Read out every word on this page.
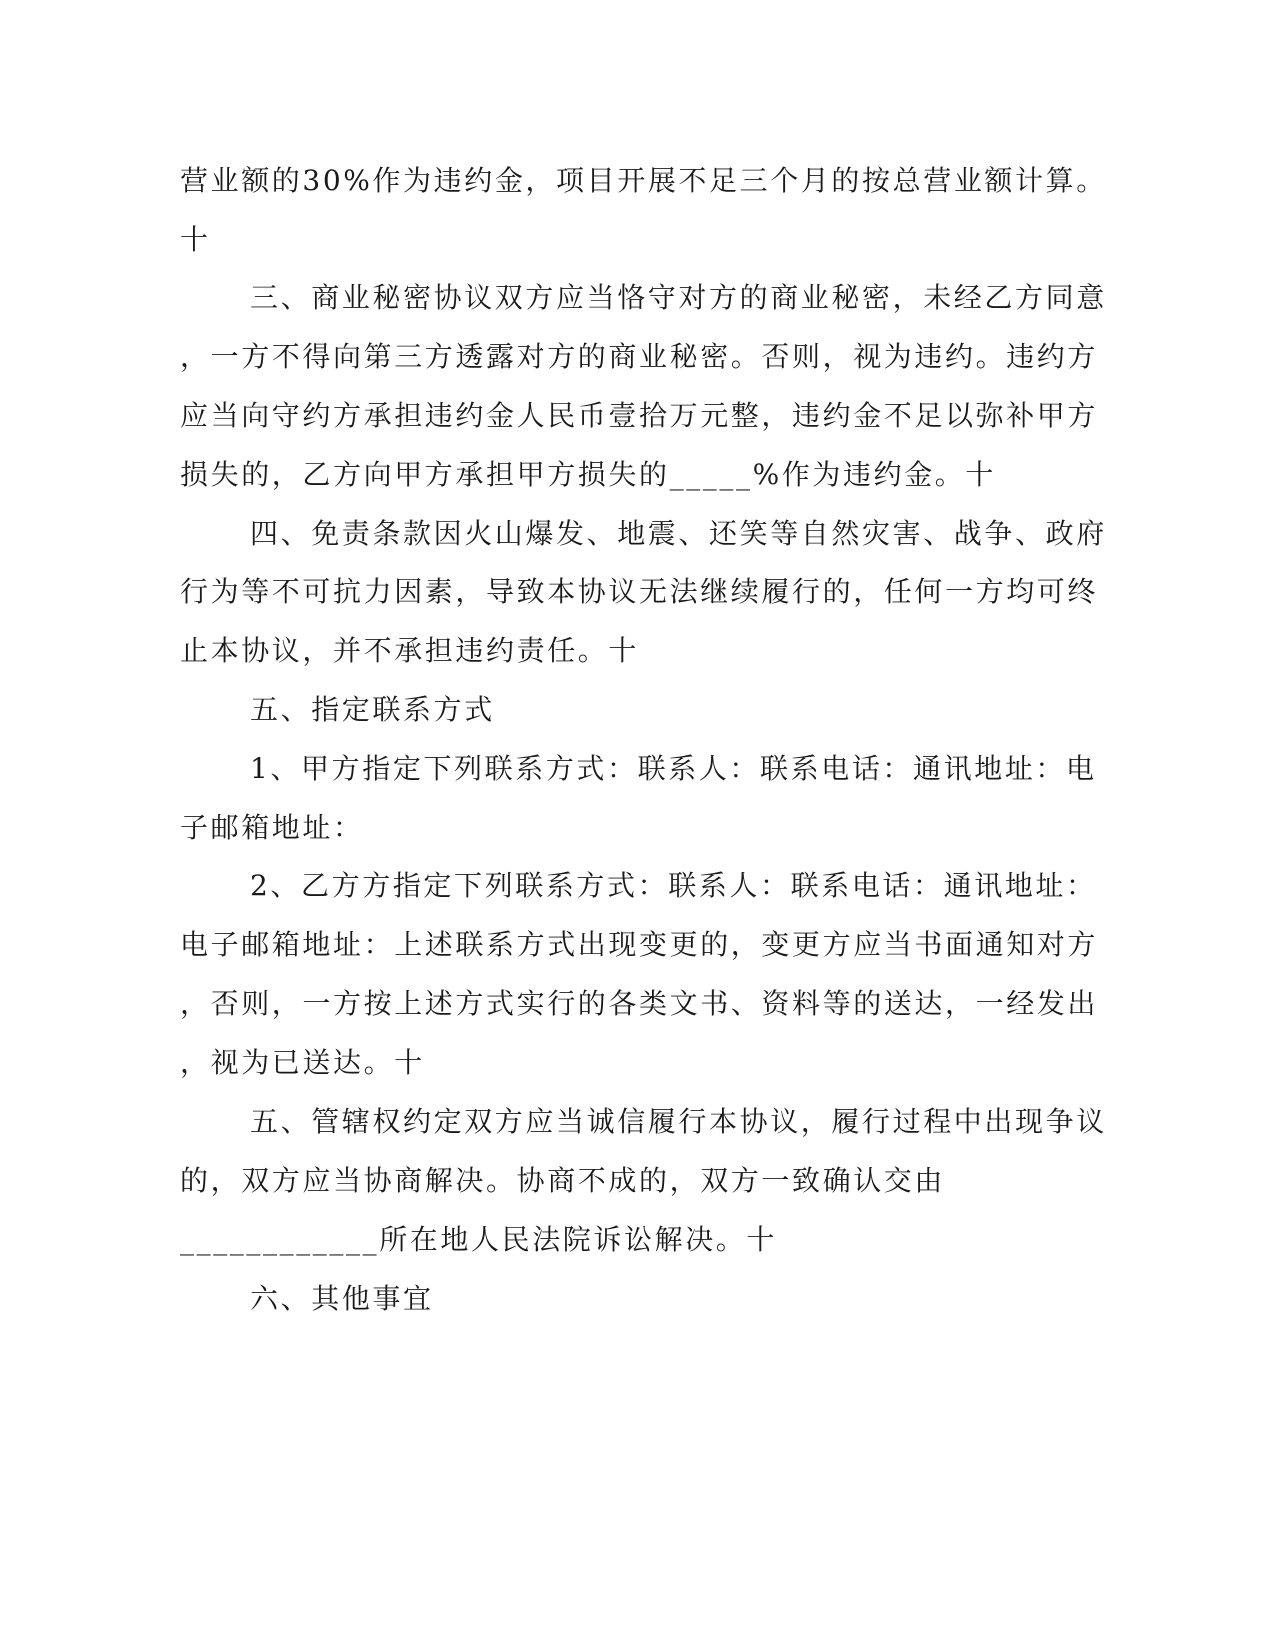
营业额的30%作为违约金，项目开展不足三个月的按总营业额计算。
十
三、商业秘密协议双方应当恪守对方的商业秘密，未经乙方同意
，一方不得向第三方透露对方的商业秘密。否则，视为违约。违约方
应当向守约方承担违约金人民币壹拾万元整，违约金不足以弥补甲方
损失的，乙方向甲方承担甲方损失的_____%作为违约金。十
四、免责条款因火山爆发、地震、还笑等自然灾害、战争、政府
行为等不可抗力因素，导致本协议无法继续履行的，任何一方均可终
止本协议，并不承担违约责任。十
五、指定联系方式
1、甲方指定下列联系方式：联系人：联系电话：通讯地址：电
子邮箱地址：
2、乙方方指定下列联系方式：联系人：联系电话：通讯地址：
电子邮箱地址：上述联系方式出现变更的，变更方应当书面通知对方
，否则，一方按上述方式实行的各类文书、资料等的送达，一经发出
，视为已送达。十
五、管辖权约定双方应当诚信履行本协议，履行过程中出现争议
的，双方应当协商解决。协商不成的，双方一致确认交由
____________所在地人民法院诉讼解决。十
六、其他事宜
